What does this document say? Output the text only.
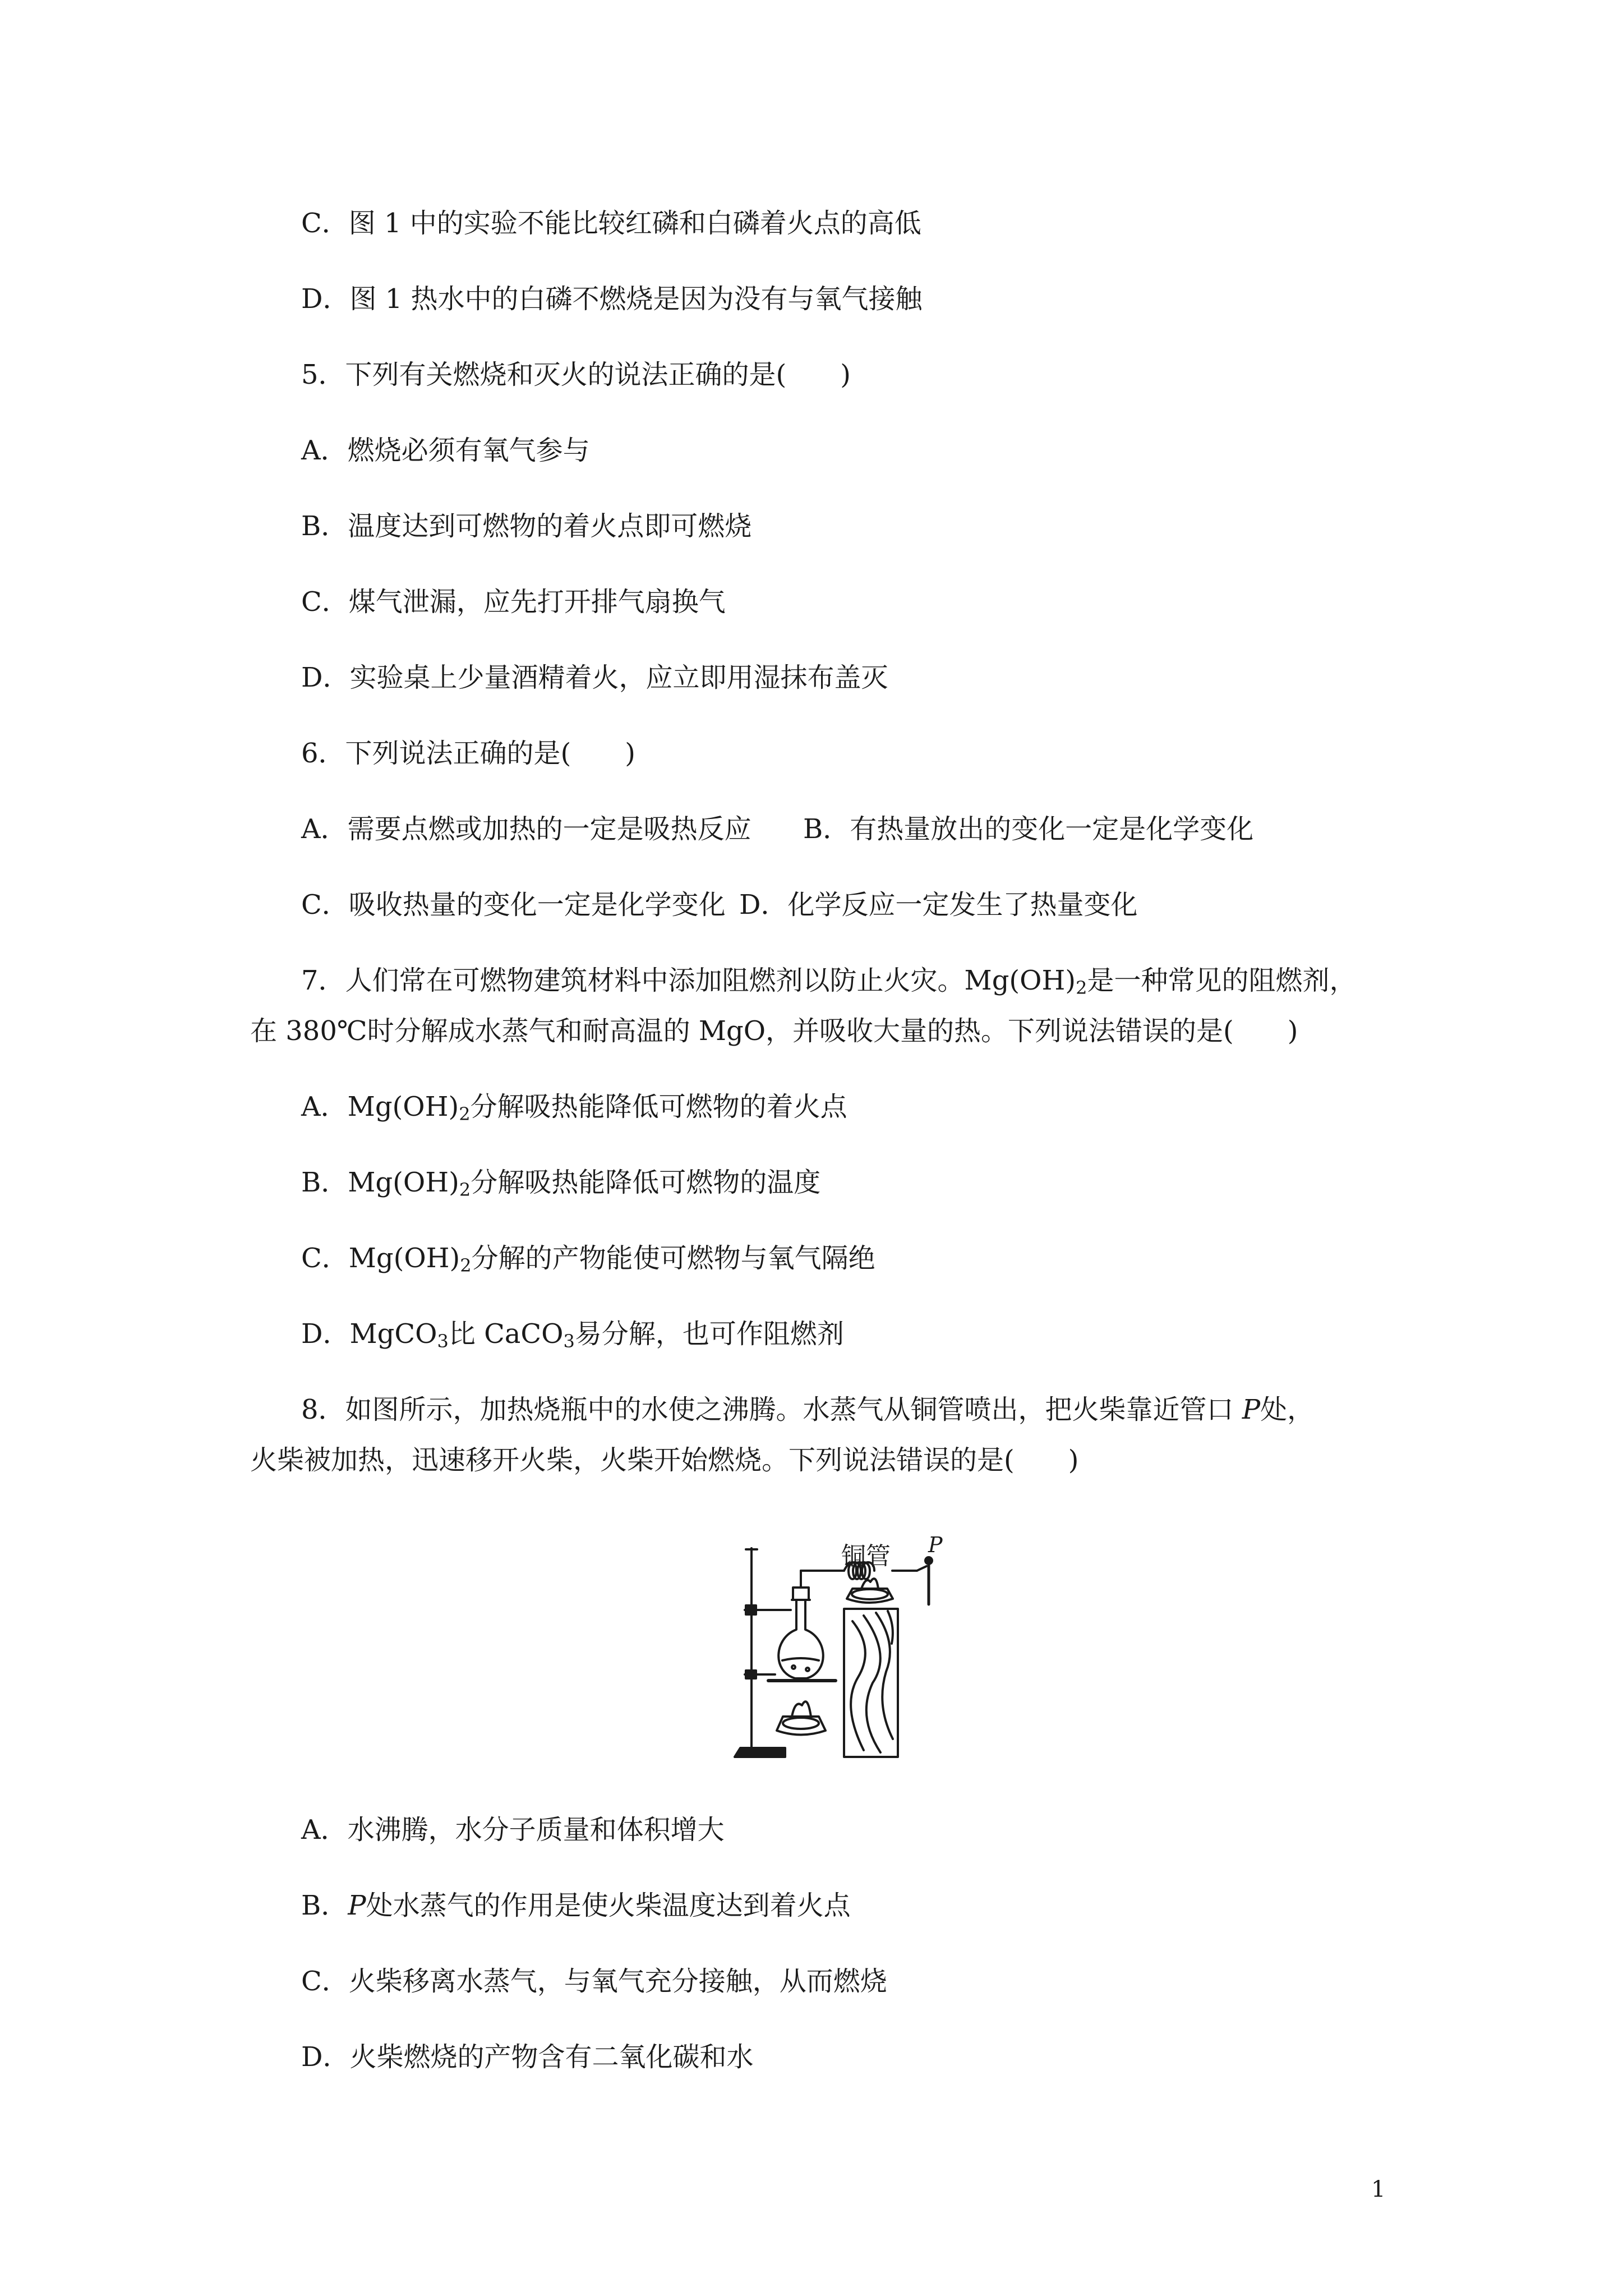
C．图 1 中的实验不能比较红磷和白磷着火点的高低
D．图 1 热水中的白磷不燃烧是因为没有与氧气接触
5．下列有关燃烧和灭火的说法正确的是(　　)
A．燃烧必须有氧气参与
B．温度达到可燃物的着火点即可燃烧
C．煤气泄漏，应先打开排气扇换气
D．实验桌上少量酒精着火，应立即用湿抹布盖灭
6．下列说法正确的是(　　)
A．需要点燃或加热的一定是吸热反应 B．有热量放出的变化一定是化学变化
C．吸收热量的变化一定是化学变化 D．化学反应一定发生了热量变化
7．人们常在可燃物建筑材料中添加阻燃剂以防止火灾。$Mg(OH)_2$是一种常见的阻燃剂，
在 380℃时分解成水蒸气和耐高温的 MgO，并吸收大量的热。下列说法错误的是(　　)
A．$Mg(OH)_2$分解吸热能降低可燃物的着火点
B．$Mg(OH)_2$分解吸热能降低可燃物的温度
C．$Mg(OH)_2$分解的产物能使可燃物与氧气隔绝
D．MgCO$_3$比 CaCO$_3$易分解，也可作阻燃剂
8．如图所示，加热烧瓶中的水使之沸腾。水蒸气从铜管喷出，把火柴靠近管口 P处，
火柴被加热，迅速移开火柴，火柴开始燃烧。下列说法错误的是(　　)
铜管 P
A．水沸腾，水分子质量和体积增大
B．P处水蒸气的作用是使火柴温度达到着火点
C．火柴移离水蒸气，与氧气充分接触，从而燃烧
D．火柴燃烧的产物含有二氧化碳和水
1
